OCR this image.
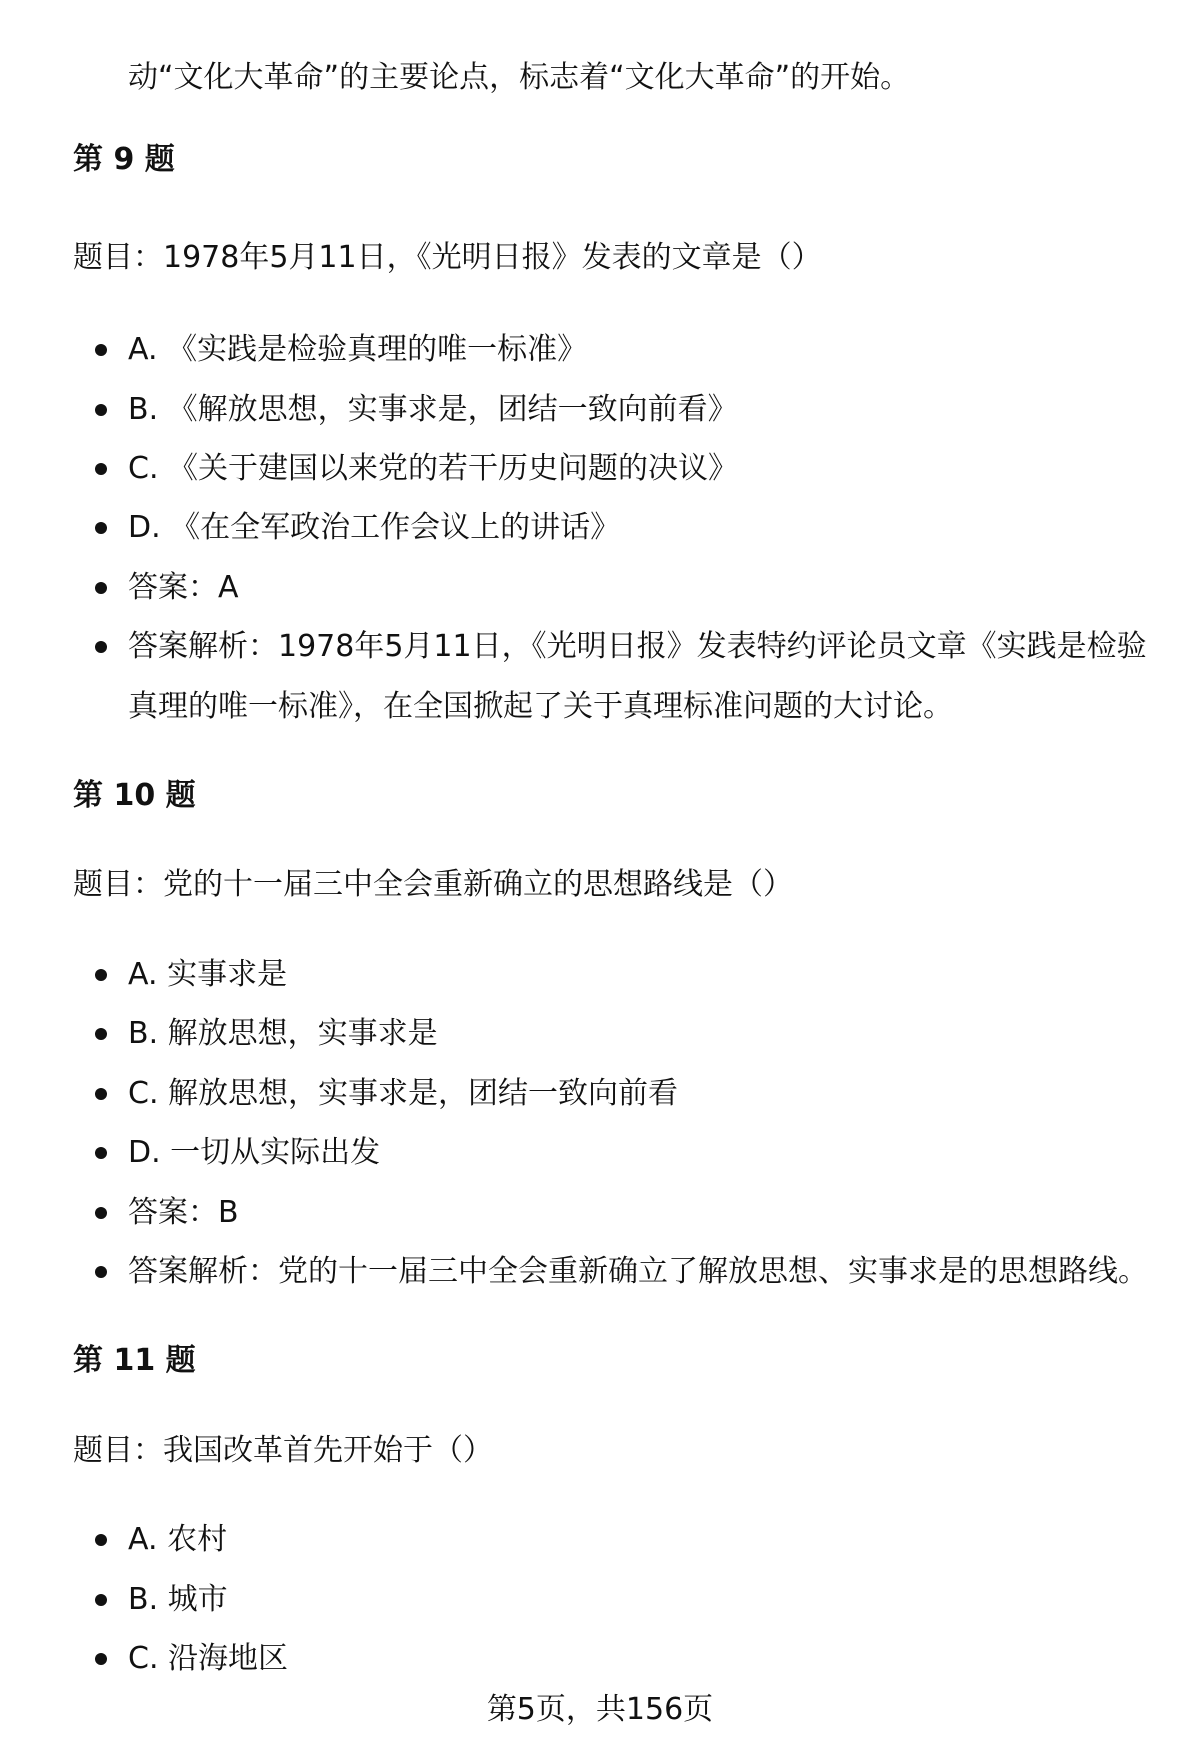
动“文化大革命”的主要论点，标志着“文化大革命”的开始。
第 9 题
题目：1978年5月11日，《光明日报》发表的文章是（）
A. 《实践是检验真理的唯一标准》
B. 《解放思想，实事求是，团结一致向前看》
C. 《关于建国以来党的若干历史问题的决议》
D. 《在全军政治工作会议上的讲话》
答案：A
答案解析：1978年5月11日，《光明日报》发表特约评论员文章《实践是检验
真理的唯一标准》，在全国掀起了关于真理标准问题的大讨论。
第 10 题
题目：党的十一届三中全会重新确立的思想路线是（）
A. 实事求是
B. 解放思想，实事求是
C. 解放思想，实事求是，团结一致向前看
D. 一切从实际出发
答案：B
答案解析：党的十一届三中全会重新确立了解放思想、实事求是的思想路线。
第 11 题
题目：我国改革首先开始于（）
A. 农村
B. 城市
C. 沿海地区
第5页，共156页
